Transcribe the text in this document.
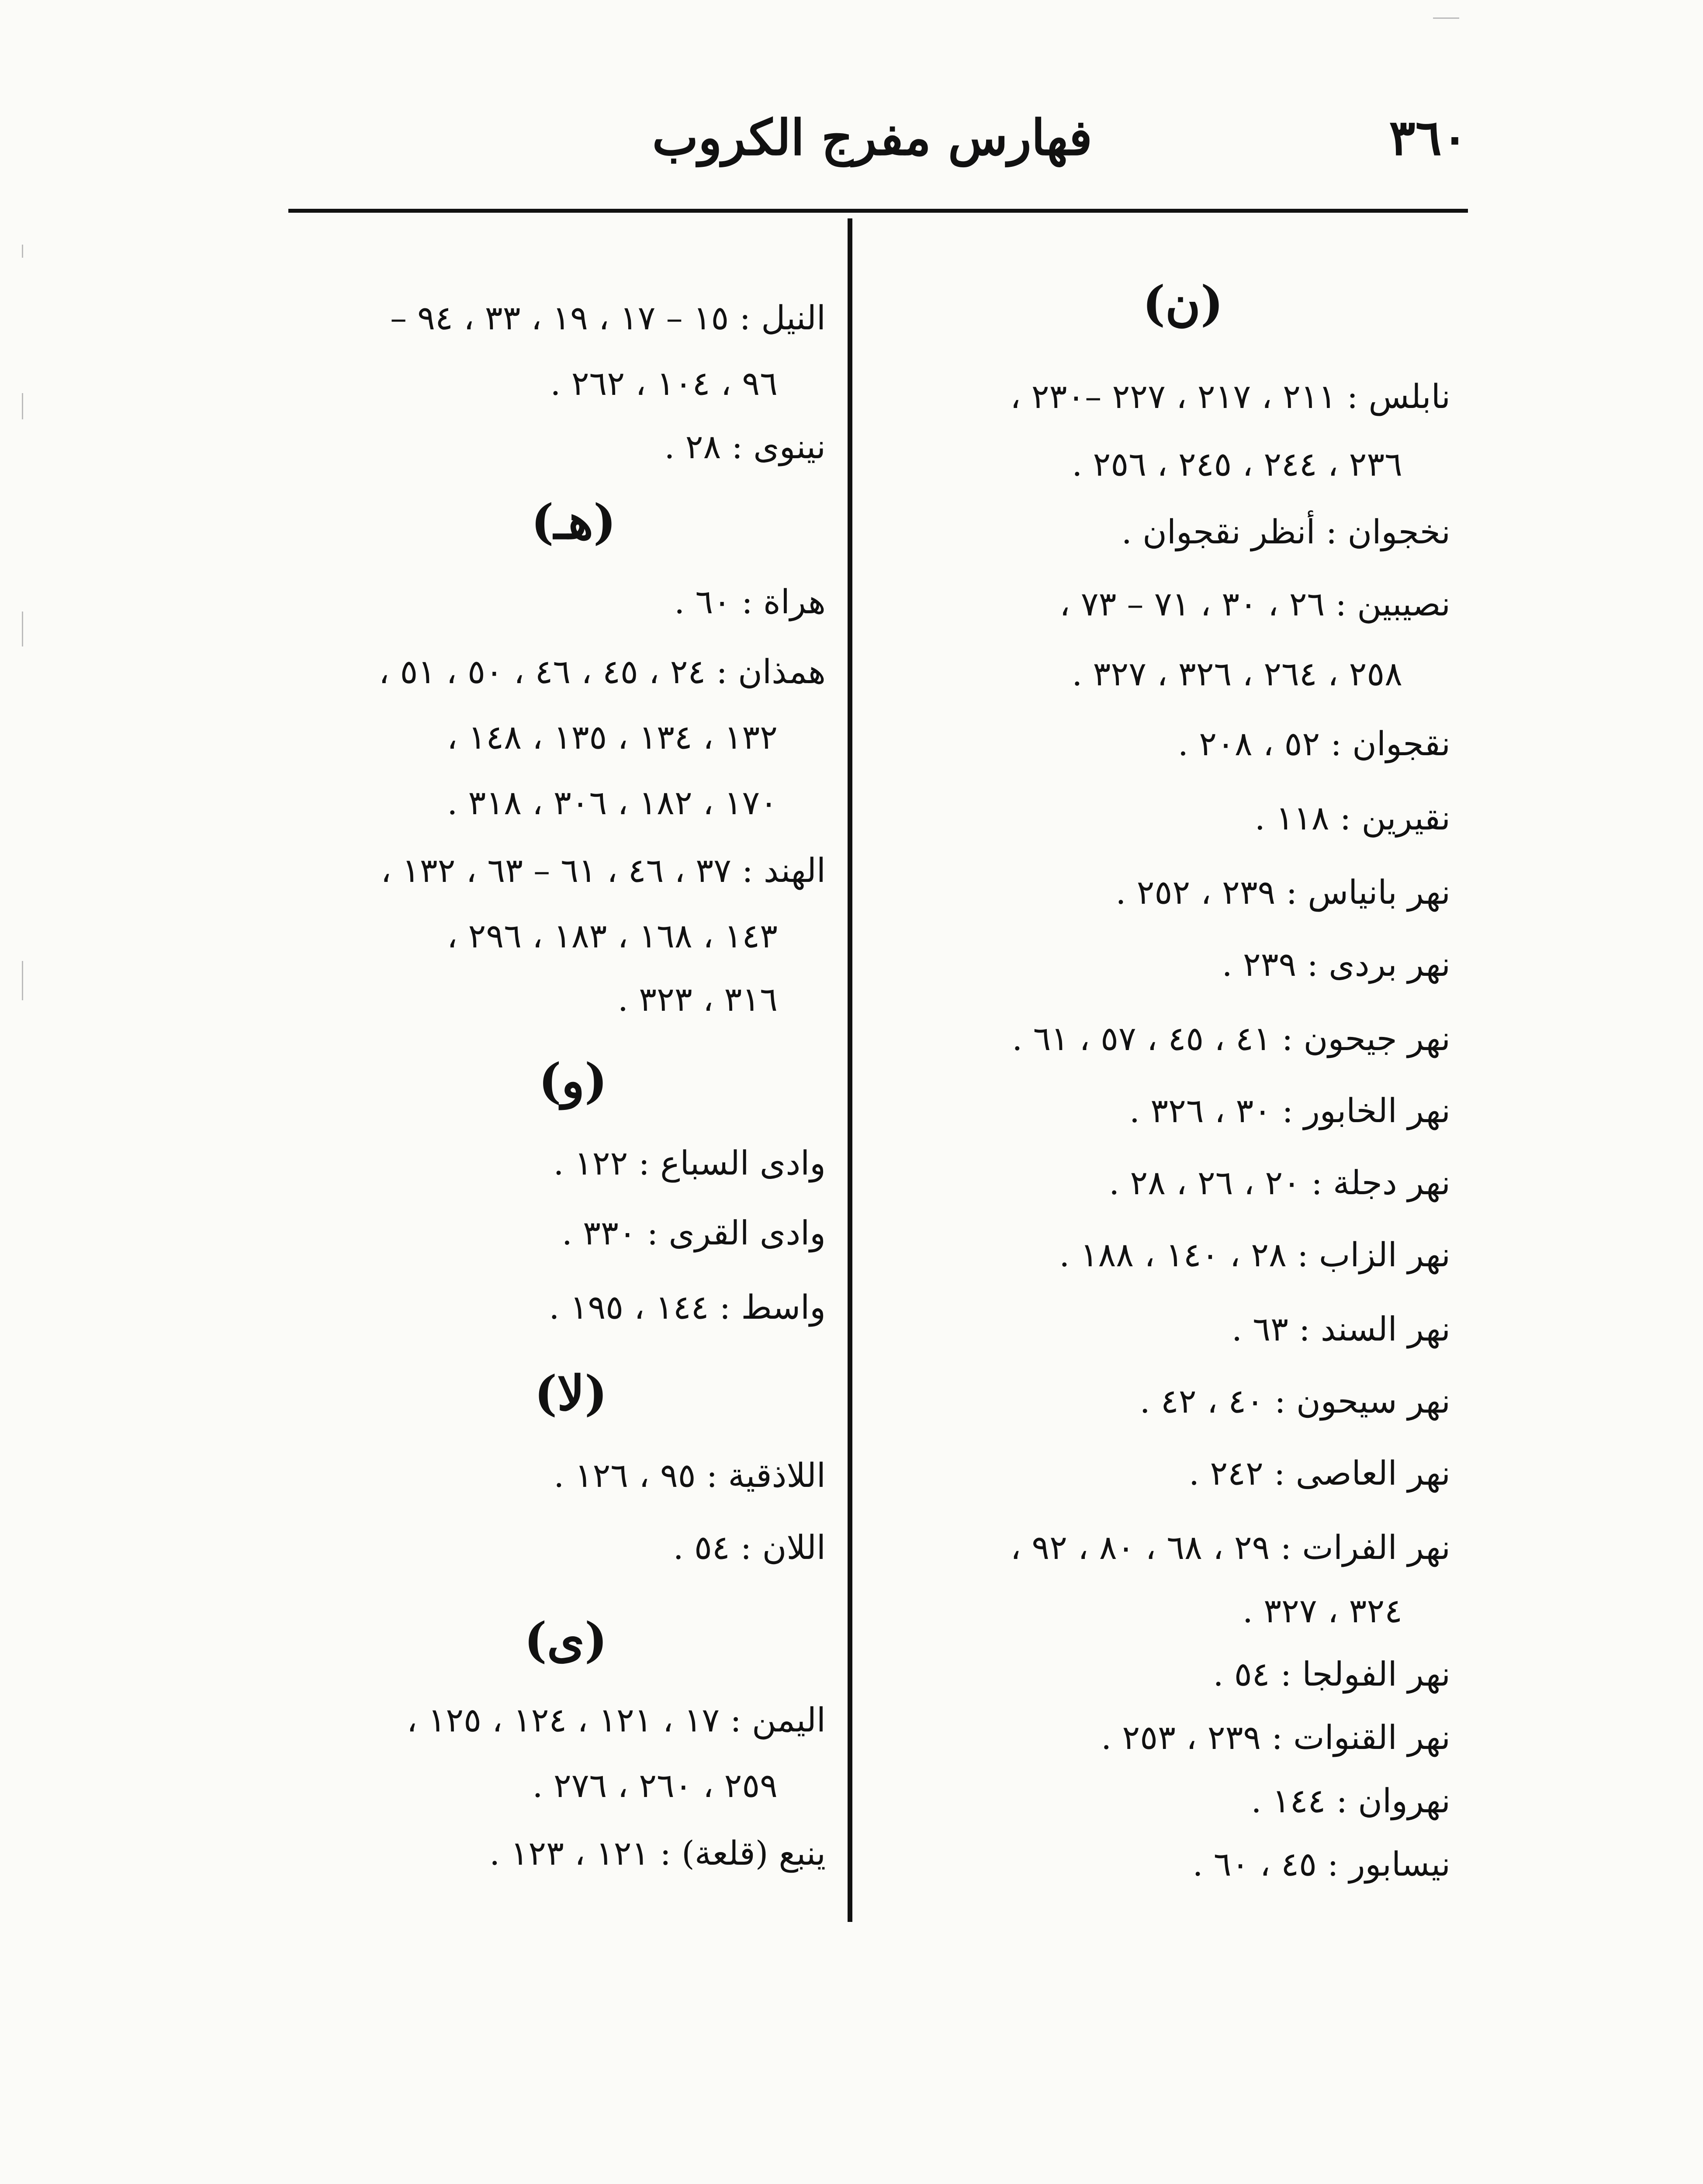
٣٦٠
فهارس مفرج الكروب
(ن)
نابلس : ٢١١ ، ٢١٧ ، ٢٢٧ –٢٣٠ ،
٢٣٦ ، ٢٤٤ ، ٢٤٥ ، ٢٥٦ .
نخجوان : أنظر نقجوان .
نصيبين : ٢٦ ، ٣٠ ، ٧١ – ٧٣ ،
٢٥٨ ، ٢٦٤ ، ٣٢٦ ، ٣٢٧ .
نقجوان : ٥٢ ، ٢٠٨ .
نقيرين : ١١٨ .
نهر بانياس : ٢٣٩ ، ٢٥٢ .
نهر بردى : ٢٣٩ .
نهر جيحون : ٤١ ، ٤٥ ، ٥٧ ، ٦١ .
نهر الخابور : ٣٠ ، ٣٢٦ .
نهر دجلة : ٢٠ ، ٢٦ ، ٢٨ .
نهر الزاب : ٢٨ ، ١٤٠ ، ١٨٨ .
نهر السند : ٦٣ .
نهر سيحون : ٤٠ ، ٤٢ .
نهر العاصى : ٢٤٢ .
نهر الفرات : ٢٩ ، ٦٨ ، ٨٠ ، ٩٢ ،
٣٢٤ ، ٣٢٧ .
نهر الفولجا : ٥٤ .
نهر القنوات : ٢٣٩ ، ٢٥٣ .
نهروان : ١٤٤ .
نيسابور : ٤٥ ، ٦٠ .
النيل : ١٥ – ١٧ ، ١٩ ، ٣٣ ، ٩٤ –
٩٦ ، ١٠٤ ، ٢٦٢ .
نينوى : ٢٨ .
(هـ)
هراة : ٦٠ .
همذان : ٢٤ ، ٤٥ ، ٤٦ ، ٥٠ ، ٥١ ،
١٣٢ ، ١٣٤ ، ١٣٥ ، ١٤٨ ،
١٧٠ ، ١٨٢ ، ٣٠٦ ، ٣١٨ .
الهند : ٣٧ ، ٤٦ ، ٦١ – ٦٣ ، ١٣٢ ،
١٤٣ ، ١٦٨ ، ١٨٣ ، ٢٩٦ ،
٣١٦ ، ٣٢٣ .
(و)
وادى السباع : ١٢٢ .
وادى القرى : ٣٣٠ .
واسط : ١٤٤ ، ١٩٥ .
(لا)
اللاذقية : ٩٥ ، ١٢٦ .
اللان : ٥٤ .
(ى)
اليمن : ١٧ ، ١٢١ ، ١٢٤ ، ١٢٥ ،
٢٥٩ ، ٢٦٠ ، ٢٧٦ .
ينبع (قلعة) : ١٢١ ، ١٢٣ .
